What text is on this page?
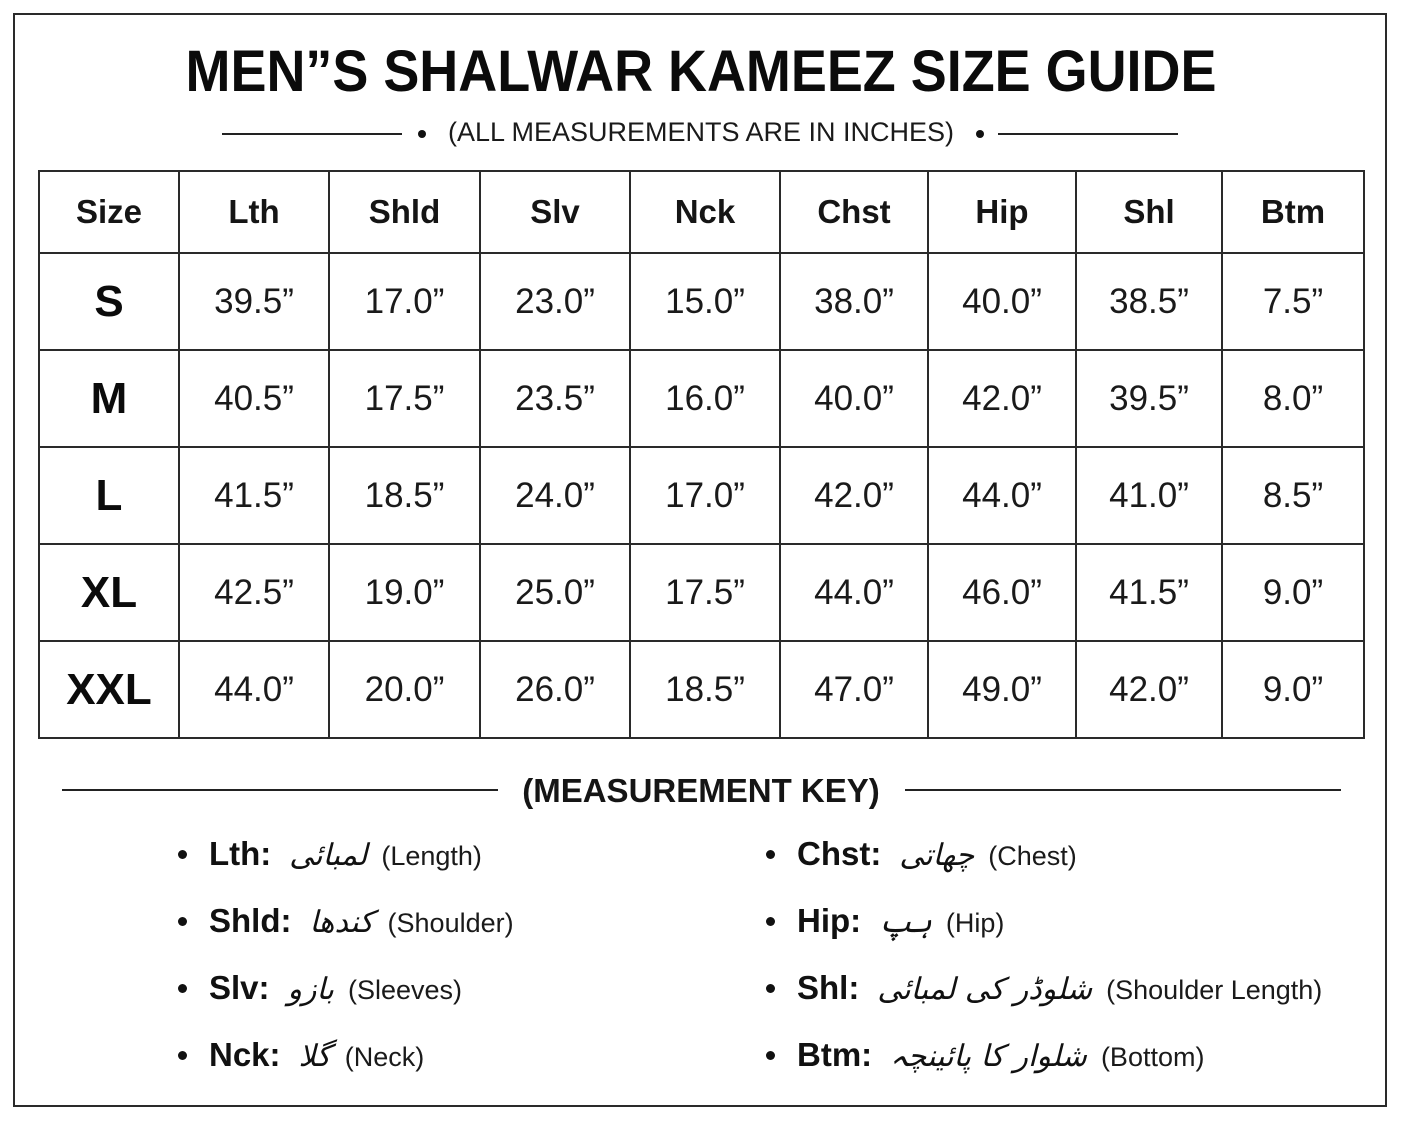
MEN”S SHALWAR KAMEEZ SIZE GUIDE
(ALL MEASUREMENTS ARE IN INCHES)
Size	Lth	Shld	Slv	Nck	Chst	Hip	Shl	Btm
S	39.5”	17.0”	23.0”	15.0”	38.0”	40.0”	38.5”	7.5”
M	40.5”	17.5”	23.5”	16.0”	40.0”	42.0”	39.5”	8.0”
L	41.5”	18.5”	24.0”	17.0”	42.0”	44.0”	41.0”	8.5”
XL	42.5”	19.0”	25.0”	17.5”	44.0”	46.0”	41.5”	9.0”
XXL	44.0”	20.0”	26.0”	18.5”	47.0”	49.0”	42.0”	9.0”
(MEASUREMENT KEY)
Lth: لمبائی (Length)
Shld: کندھا (Shoulder)
Slv: بازو (Sleeves)
Nck: گلا (Neck)
Chst: چھاتی (Chest)
Hip: ہپ (Hip)
Shl: شلوڈر کی لمبائی (Shoulder Length)
Btm: شلوار کا پائینچہ (Bottom)
